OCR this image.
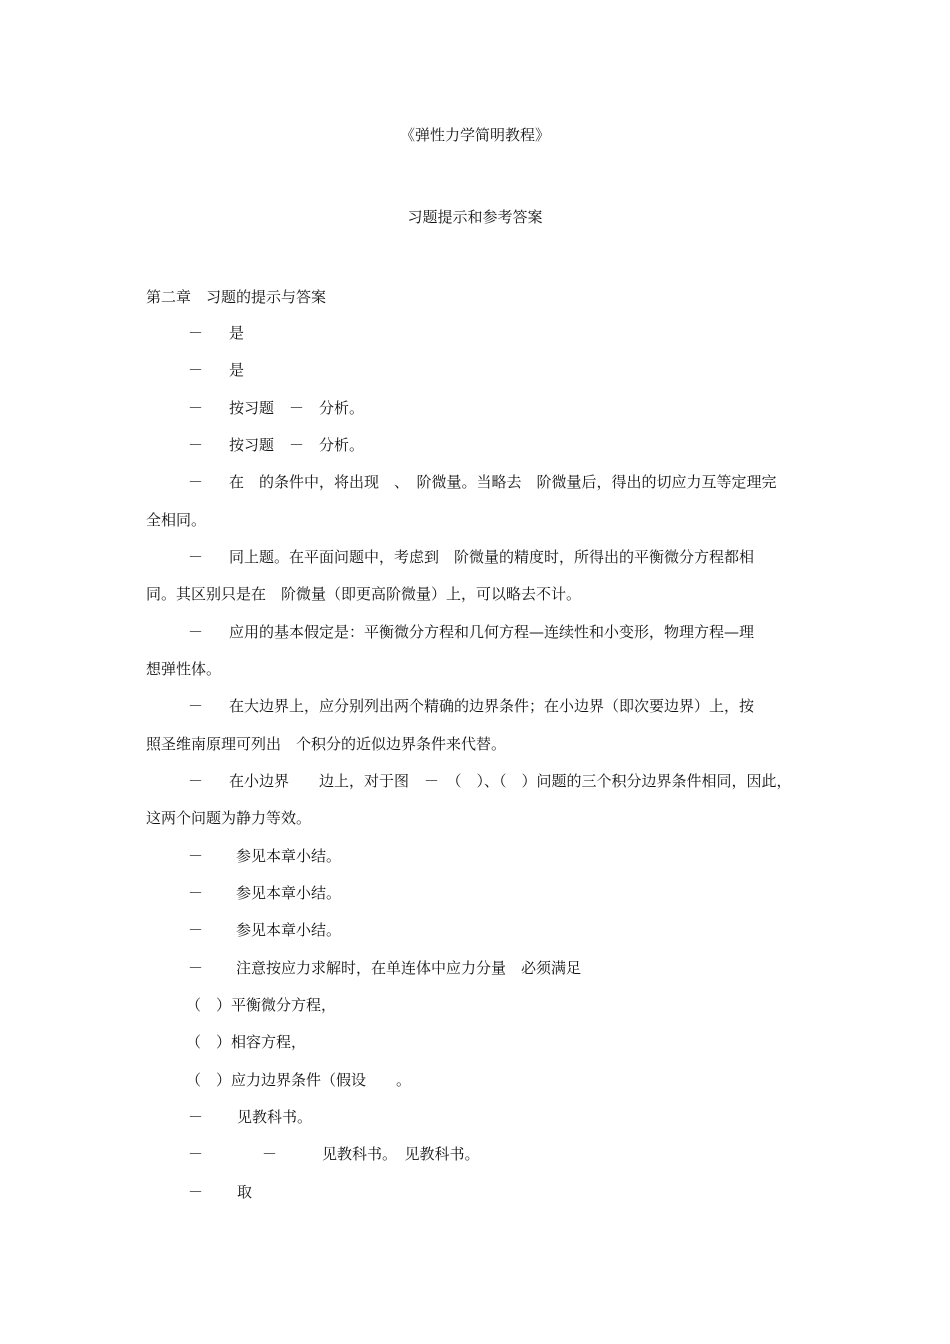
《弹性力学简明教程》
习题提示和参考答案
第二章　习题的提示与答案
－ 是
－ 是
－ 按习题　－　分析。
－ 按习题　－　分析。
－ 在　的条件中，将出现　、　阶微量。当略去　阶微量后，得出的切应力互等定理完
全相同。
－ 同上题。在平面问题中，考虑到　阶微量的精度时，所得出的平衡微分方程都相
同。其区别只是在　阶微量（即更高阶微量）上，可以略去不计。
－ 应用的基本假定是：平衡微分方程和几何方程—连续性和小变形，物理方程—理
想弹性体。
－ 在大边界上，应分别列出两个精确的边界条件；在小边界（即次要边界）上，按
照圣维南原理可列出　个积分的近似边界条件来代替。
－ 在小边界　　边上，对于图　－　（　）、（　）问题的三个积分边界条件相同，因此，
这两个问题为静力等效。
－ 参见本章小结。
－ 参见本章小结。
－ 参见本章小结。
－ 注意按应力求解时，在单连体中应力分量　必须满足
（　）平衡微分方程，
（　）相容方程，
（　）应力边界条件（假设　　。
－ 见教科书。
－	－　　　见教科书。　见教科书。
－ 取
